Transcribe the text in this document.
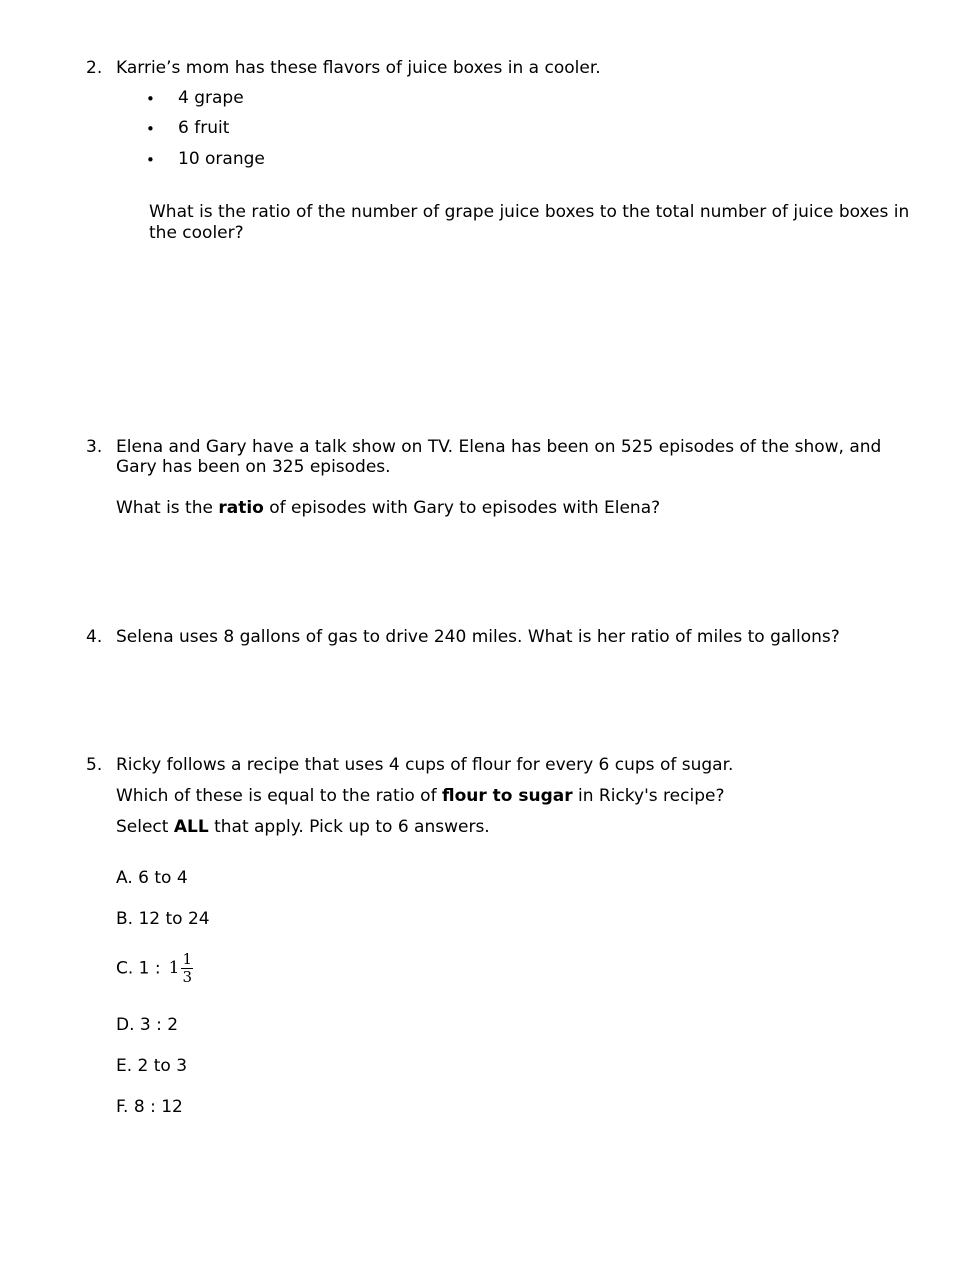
2. Karrie’s mom has these flavors of juice boxes in a cooler.
• 4 grape
• 6 fruit
• 10 orange
What is the ratio of the number of grape juice boxes to the total number of juice boxes in the cooler?
3. Elena and Gary have a talk show on TV. Elena has been on 525 episodes of the show, and Gary has been on 325 episodes.
What is the ratio of episodes with Gary to episodes with Elena?
4. Selena uses 8 gallons of gas to drive 240 miles. What is her ratio of miles to gallons?
5. Ricky follows a recipe that uses 4 cups of flour for every 6 cups of sugar.
Which of these is equal to the ratio of flour to sugar in Ricky's recipe?
Select ALL that apply. Pick up to 6 answers.
A. 6 to 4
B. 12 to 24
C. 1 : $1 \frac{1}{3}$
D. 3 : 2
E. 2 to 3
F. 8 : 12
